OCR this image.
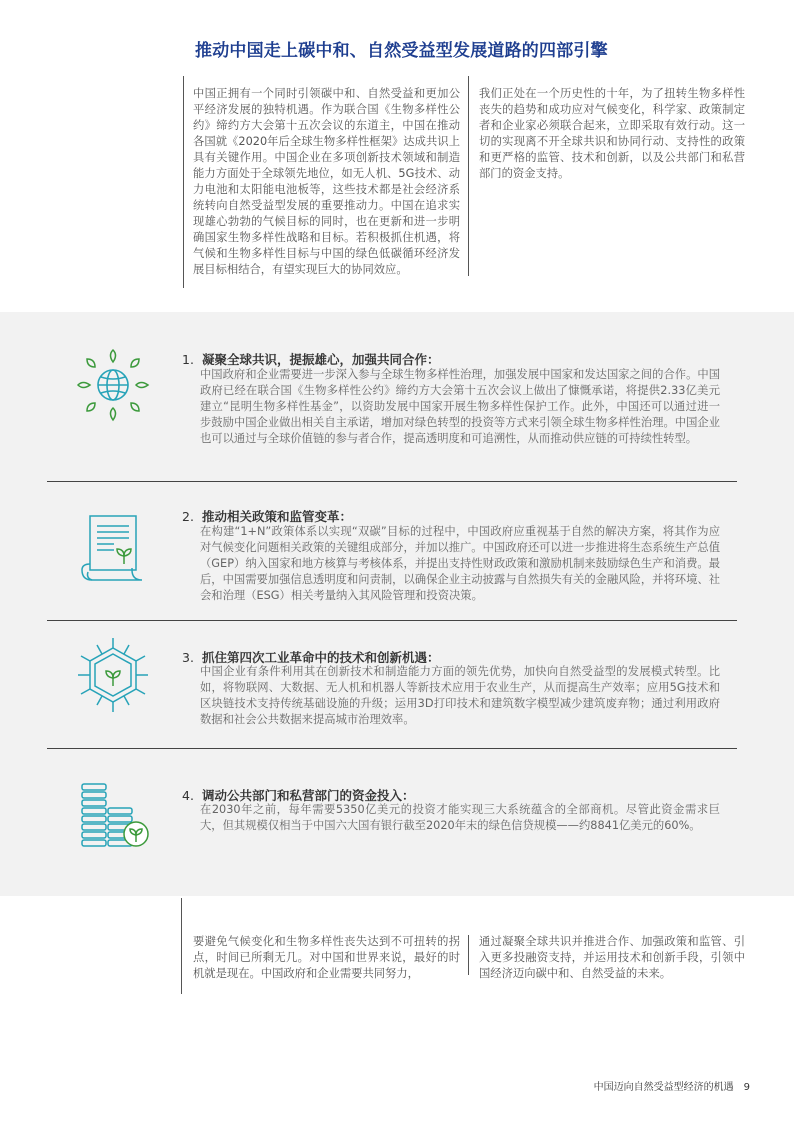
推动中国走上碳中和、自然受益型发展道路的四部引擎

中国正拥有一个同时引领碳中和、自然受益和更加公平经济发展的独特机遇。作为联合国《生物多样性公约》缔约方大会第十五次会议的东道主，中国在推动各国就《2020年后全球生物多样性框架》达成共识上具有关键作用。中国企业在多项创新技术领域和制造能力方面处于全球领先地位，如无人机、5G技术、动力电池和太阳能电池板等，这些技术都是社会经济系统转向自然受益型发展的重要推动力。中国在追求实现雄心勃勃的气候目标的同时，也在更新和进一步明确国家生物多样性战略和目标。若积极抓住机遇，将气候和生物多样性目标与中国的绿色低碳循环经济发展目标相结合，有望实现巨大的协同效应。

我们正处在一个历史性的十年，为了扭转生物多样性丧失的趋势和成功应对气候变化，科学家、政策制定者和企业家必须联合起来，立即采取有效行动。这一切的实现离不开全球共识和协同行动、支持性的政策和更严格的监管、技术和创新，以及公共部门和私营部门的资金支持。

1. 凝聚全球共识，提振雄心，加强共同合作：

中国政府和企业需要进一步深入参与全球生物多样性治理，加强发展中国家和发达国家之间的合作。中国政府已经在联合国《生物多样性公约》缔约方大会第十五次会议上做出了慷慨承诺，将提供2.33亿美元建立“昆明生物多样性基金”，以资助发展中国家开展生物多样性保护工作。此外，中国还可以通过进一步鼓励中国企业做出相关自主承诺，增加对绿色转型的投资等方式来引领全球生物多样性治理。中国企业也可以通过与全球价值链的参与者合作，提高透明度和可追溯性，从而推动供应链的可持续性转型。

2. 推动相关政策和监管变革：

在构建“1+N”政策体系以实现“双碳”目标的过程中，中国政府应重视基于自然的解决方案，将其作为应对气候变化问题相关政策的关键组成部分，并加以推广。中国政府还可以进一步推进将生态系统生产总值（GEP）纳入国家和地方核算与考核体系，并提出支持性财政政策和激励机制来鼓励绿色生产和消费。最后，中国需要加强信息透明度和问责制，以确保企业主动披露与自然损失有关的金融风险，并将环境、社会和治理（ESG）相关考量纳入其风险管理和投资决策。

3. 抓住第四次工业革命中的技术和创新机遇：

中国企业有条件利用其在创新技术和制造能力方面的领先优势，加快向自然受益型的发展模式转型。比如，将物联网、大数据、无人机和机器人等新技术应用于农业生产，从而提高生产效率；应用5G技术和区块链技术支持传统基础设施的升级；运用3D打印技术和建筑数字模型减少建筑废弃物；通过利用政府数据和社会公共数据来提高城市治理效率。

4. 调动公共部门和私营部门的资金投入：

在2030年之前，每年需要5350亿美元的投资才能实现三大系统蕴含的全部商机。尽管此资金需求巨大，但其规模仅相当于中国六大国有银行截至2020年末的绿色信贷规模——约8841亿美元的60%。

要避免气候变化和生物多样性丧失达到不可扭转的拐点，时间已所剩无几。对中国和世界来说，最好的时机就是现在。中国政府和企业需要共同努力，

通过凝聚全球共识并推进合作、加强政策和监管、引入更多投融资支持，并运用技术和创新手段，引领中国经济迈向碳中和、自然受益的未来。

中国迈向自然受益型经济的机遇 9
